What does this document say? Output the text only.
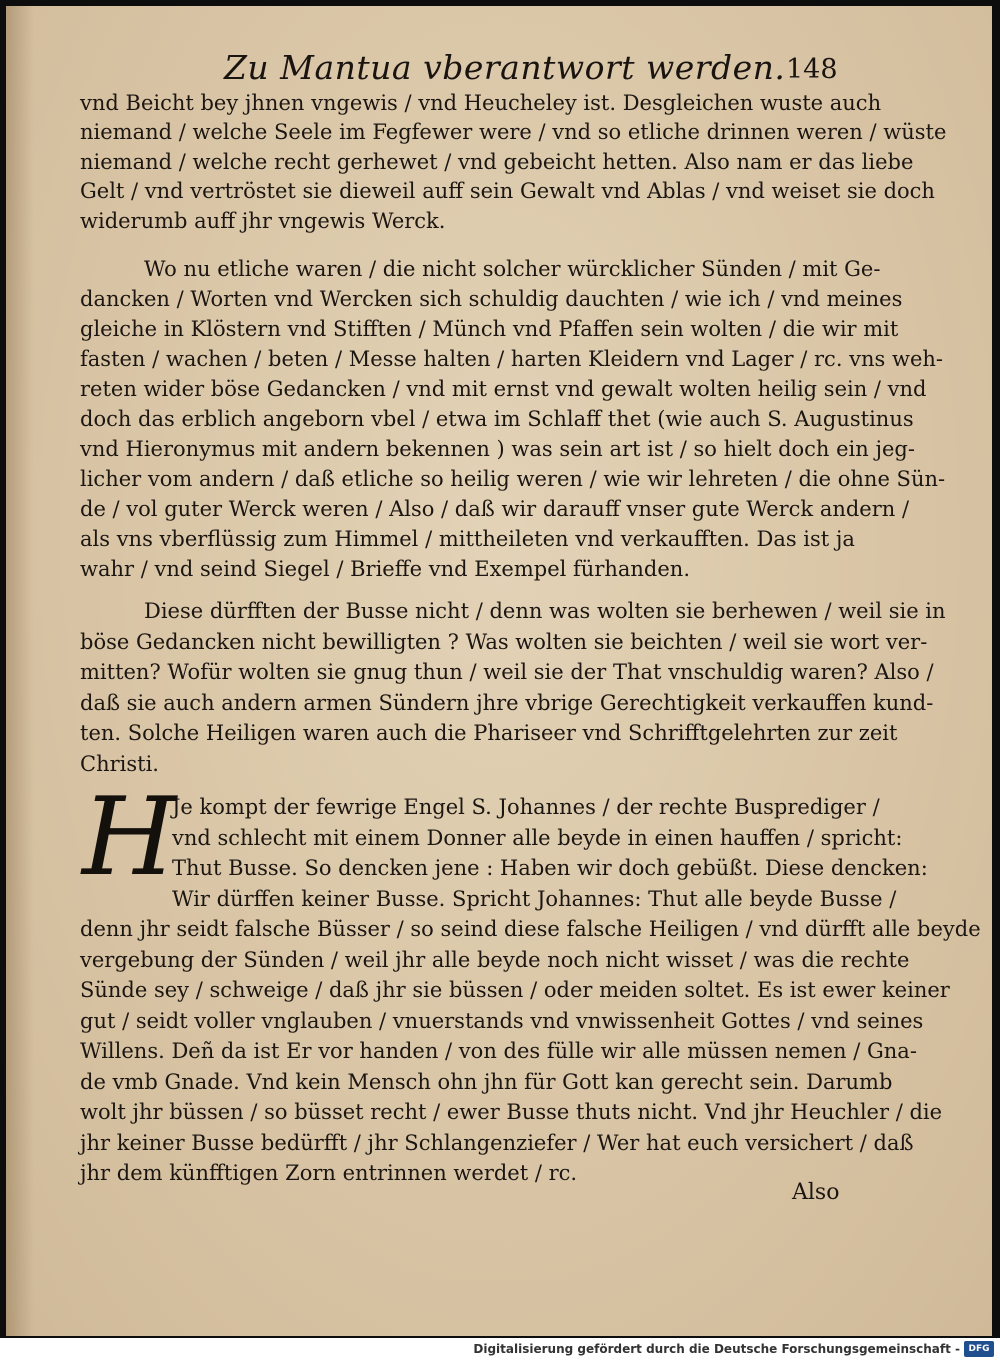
Zu Mantua vberantwort werden. 148
vnd Beicht bey jhnen vngewis / vnd Heucheley ist. Desgleichen wuste auch
niemand / welche Seele im Fegfewer were / vnd so etliche drinnen weren / wüste
niemand / welche recht gerhewet / vnd gebeicht hetten. Also nam er das liebe
Gelt / vnd vertröstet sie dieweil auff sein Gewalt vnd Ablas / vnd weiset sie doch
widerumb auff jhr vngewis Werck.
Wo nu etliche waren / die nicht solcher würcklicher Sünden / mit Ge-
dancken / Worten vnd Wercken sich schuldig dauchten / wie ich / vnd meines
gleiche in Klöstern vnd Stifften / Münch vnd Pfaffen sein wolten / die wir mit
fasten / wachen / beten / Messe halten / harten Kleidern vnd Lager / rc. vns weh-
reten wider böse Gedancken / vnd mit ernst vnd gewalt wolten heilig sein / vnd
doch das erblich angeborn vbel / etwa im Schlaff thet (wie auch S. Augustinus
vnd Hieronymus mit andern bekennen ) was sein art ist / so hielt doch ein jeg-
licher vom andern / daß etliche so heilig weren / wie wir lehreten / die ohne Sün-
de / vol guter Werck weren / Also / daß wir darauff vnser gute Werck andern /
als vns vberflüssig zum Himmel / mittheileten vnd verkaufften. Das ist ja
wahr / vnd seind Siegel / Brieffe vnd Exempel fürhanden.
Diese dürfften der Busse nicht / denn was wolten sie berhewen / weil sie in
böse Gedancken nicht bewilligten ? Was wolten sie beichten / weil sie wort ver-
mitten? Wofür wolten sie gnug thun / weil sie der That vnschuldig waren? Also /
daß sie auch andern armen Sündern jhre vbrige Gerechtigkeit verkauffen kund-
ten. Solche Heiligen waren auch die Phariseer vnd Schrifftgelehrten zur zeit
Christi.
Je kompt der fewrige Engel S. Johannes / der rechte Busprediger /
vnd schlecht mit einem Donner alle beyde in einen hauffen / spricht:
Thut Busse. So dencken jene : Haben wir doch gebüßt. Diese dencken:
Wir dürffen keiner Busse. Spricht Johannes: Thut alle beyde Busse /
denn jhr seidt falsche Büsser / so seind diese falsche Heiligen / vnd dürfft alle beyde
vergebung der Sünden / weil jhr alle beyde noch nicht wisset / was die rechte
Sünde sey / schweige / daß jhr sie büssen / oder meiden soltet. Es ist ewer keiner
gut / seidt voller vnglauben / vnuerstands vnd vnwissenheit Gottes / vnd seines
Willens. Deñ da ist Er vor handen / von des fülle wir alle müssen nemen / Gna-
de vmb Gnade. Vnd kein Mensch ohn jhn für Gott kan gerecht sein. Darumb
wolt jhr büssen / so büsset recht / ewer Busse thuts nicht. Vnd jhr Heuchler / die
jhr keiner Busse bedürfft / jhr Schlangenziefer / Wer hat euch versichert / daß
jhr dem künfftigen Zorn entrinnen werdet / rc.
H
Also
Digitalisierung gefördert durch die Deutsche Forschungsgemeinschaft - DFG
